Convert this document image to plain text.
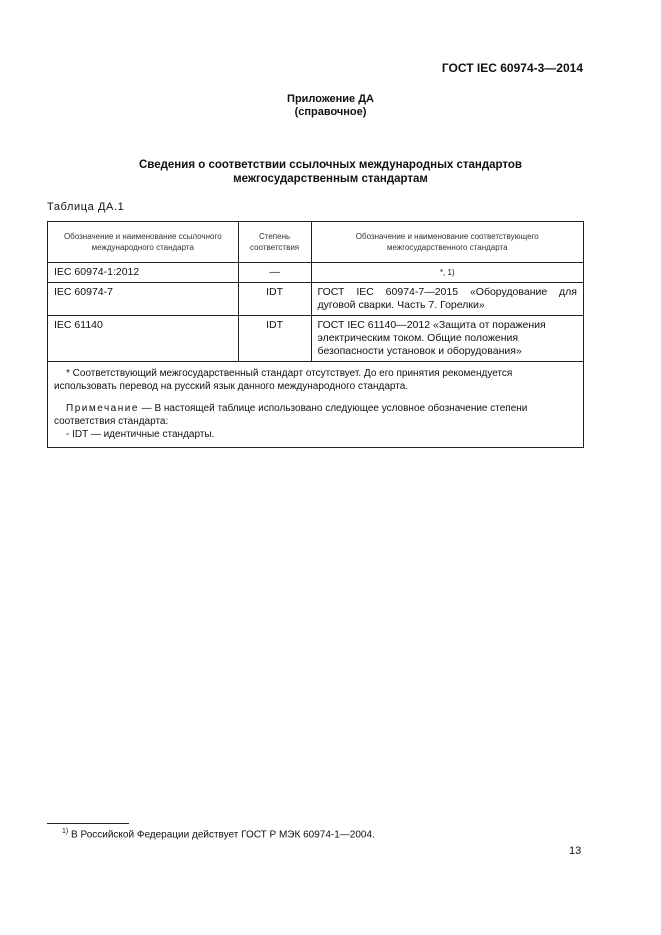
ГОСТ IEC 60974-3—2014
Приложение ДА
(справочное)
Сведения о соответствии ссылочных международных стандартов
межгосударственным стандартам
Таблица ДА.1
Обозначение и наименование ссылочного международного стандарта	Степень соответствия	Обозначение и наименование соответствующего межгосударственного стандарта
IEC 60974-1:2012	—	*, 1)
IEC 60974-7	IDT	ГОСТ IEC 60974-7—2015 «Оборудование для дуговой сварки. Часть 7. Горелки»
IEC 61140	IDT	ГОСТ IEC 61140—2012 «Защита от поражения электрическим током. Общие положения безопасности установок и оборудования»

* Соответствующий межгосударственный стандарт отсутствует. До его принятия рекомендуется использовать перевод на русский язык данного международного стандарта.

Примечание — В настоящей таблице использовано следующее условное обозначение степени соответствия стандарта:

- IDT — идентичные стандарты.		

$^{1)}$ В Российской Федерации действует ГОСТ Р МЭК 60974-1—2004.
13
